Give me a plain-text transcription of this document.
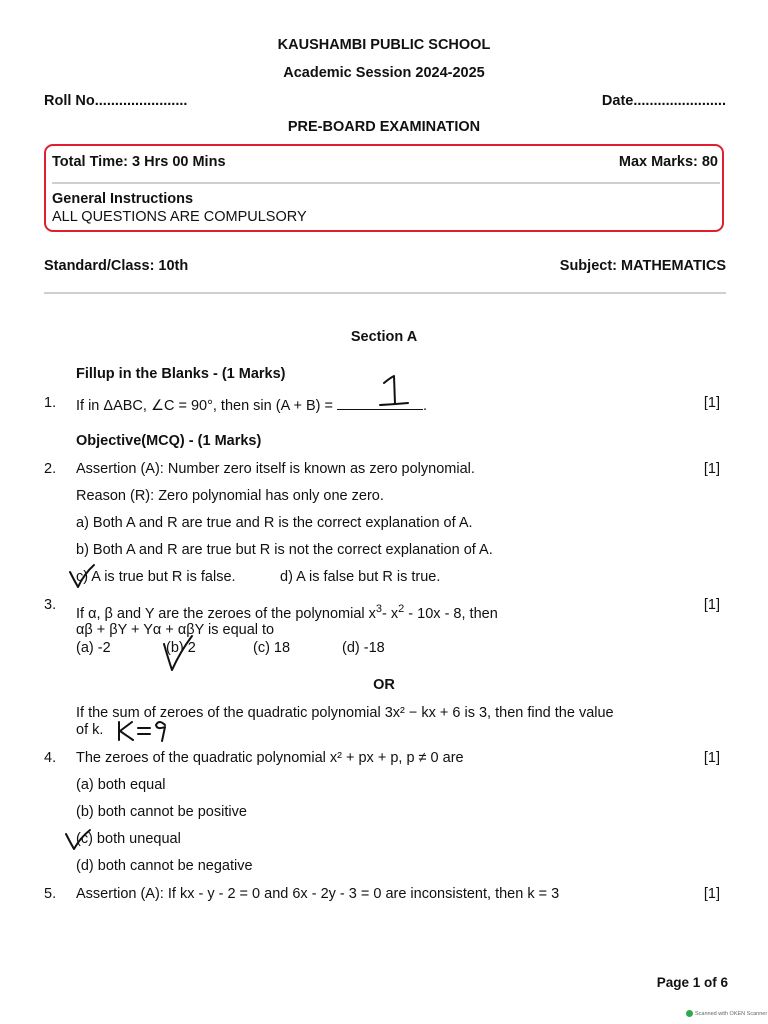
KAUSHAMBI PUBLIC SCHOOL
Academic Session 2024-2025
Roll No.......................	Date.......................
PRE-BOARD EXAMINATION
Total Time: 3 Hrs 00 Mins	Max Marks: 80
General Instructions
ALL QUESTIONS ARE COMPULSORY
Standard/Class: 10th	Subject: MATHEMATICS
Section A
Fillup in the Blanks - (1 Marks)
1. If in ΔABC, ∠C = 90°, then sin (A + B) =	.	[1]
Objective(MCQ) - (1 Marks)
2. Assertion (A): Number zero itself is known as zero polynomial.	[1]
Reason (R): Zero polynomial has only one zero.
a) Both A and R are true and R is the correct explanation of A.
b) Both A and R are true but R is not the correct explanation of A.
c) A is true but R is false.	d) A is false but R is true.
3.
If α, β and Y are the zeroes of the polynomial $x^3-$ $x^2 - 10x - 8$, then
[1]
αβ + βY + Yα + αβY is equal to
(a) -2	(b) 2	(c) 18	(d) -18
OR
If the sum of zeroes of the quadratic polynomial 3x² − kx + 6 is 3, then find the value
of k.
4. The zeroes of the quadratic polynomial x² + px + p, p ≠ 0 are	[1]
(a) both equal
(b) both cannot be positive
(c) both unequal
(d) both cannot be negative
5. Assertion (A): If kx - y - 2 = 0 and 6x - 2y - 3 = 0 are inconsistent, then k = 3	[1]
Page 1 of 6
Scanned with OKEN Scanner
